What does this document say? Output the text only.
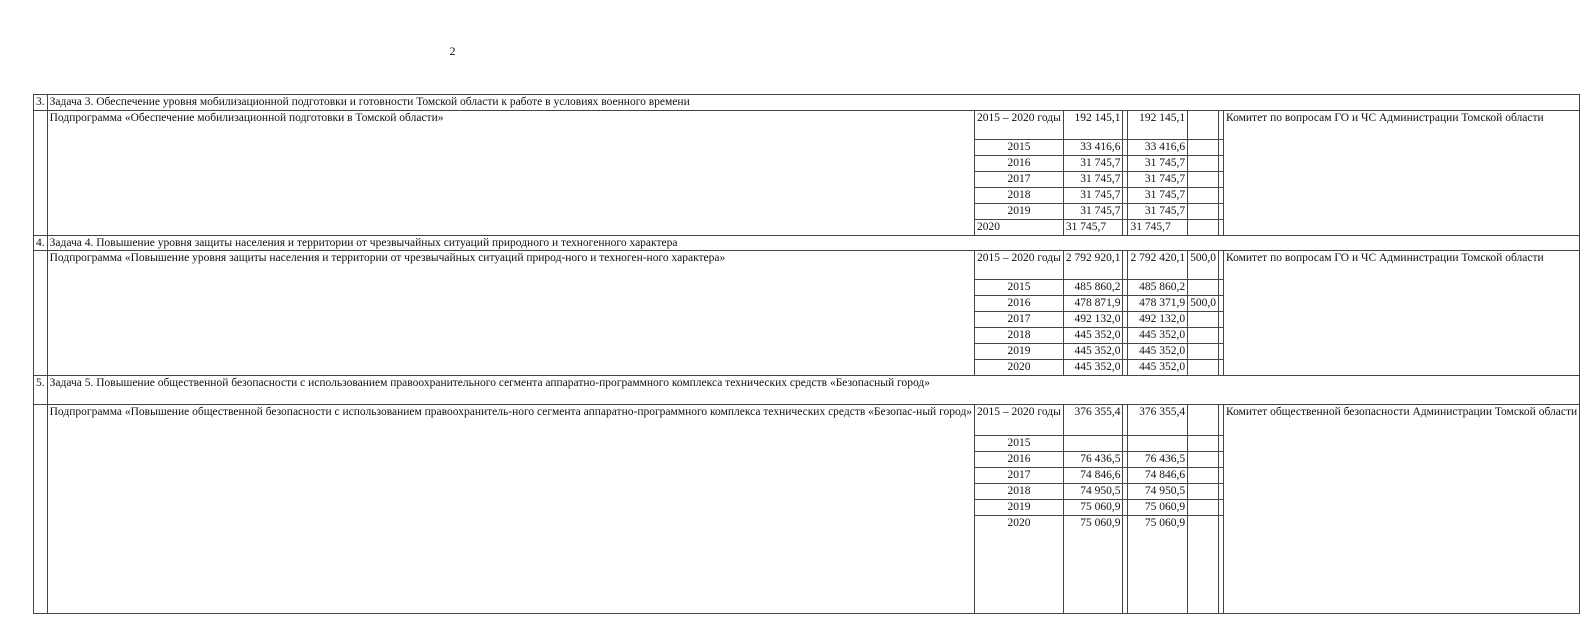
2
3.	Задача 3. Обеспечение уровня мобилизационной подготовки и готовности Томской области к работе в условиях военного времени							
	Подпрограмма «Обеспечение мобилизационной подготовки в Томской области»	2015 – 2020 годы	192 145,1		192 145,1			Комитет по вопросам ГО и ЧС Администрации Томской области
		2015	33 416,6		33 416,6			
		2016	31 745,7		31 745,7			
		2017	31 745,7		31 745,7			
		2018	31 745,7		31 745,7			
		2019	31 745,7		31 745,7			
		2020	31 745,7		31 745,7			
4.	Задача 4. Повышение уровня защиты населения и территории от чрезвычайных ситуаций природного и техногенного характера							
	Подпрограмма «Повышение уровня защиты населения и территории от чрезвычайных ситуаций природ-ного и техноген-ного характера»	2015 – 2020 годы	2 792 920,1		2 792 420,1	500,0		Комитет по вопросам ГО и ЧС Администрации Томской области
		2015	485 860,2		485 860,2			
		2016	478 871,9		478 371,9	500,0		
		2017	492 132,0		492 132,0			
		2018	445 352,0		445 352,0			
		2019	445 352,0		445 352,0			
		2020	445 352,0		445 352,0			
5.	Задача 5. Повышение общественной безопасности с использованием правоохранительного сегмента аппаратно-программного комплекса технических средств «Безопасный город»							
	Подпрограмма «Повышение общественной безопасности с использованием правоохранитель-ного сегмента аппаратно-программного комплекса технических средств «Безопас-ный город»	2015 – 2020 годы	376 355,4		376 355,4			Комитет общественной безопасности Администрации Томской области
		2015						
		2016	76 436,5		76 436,5			
		2017	74 846,6		74 846,6			
		2018	74 950,5		74 950,5			
		2019	75 060,9		75 060,9			
		2020	75 060,9		75 060,9			
